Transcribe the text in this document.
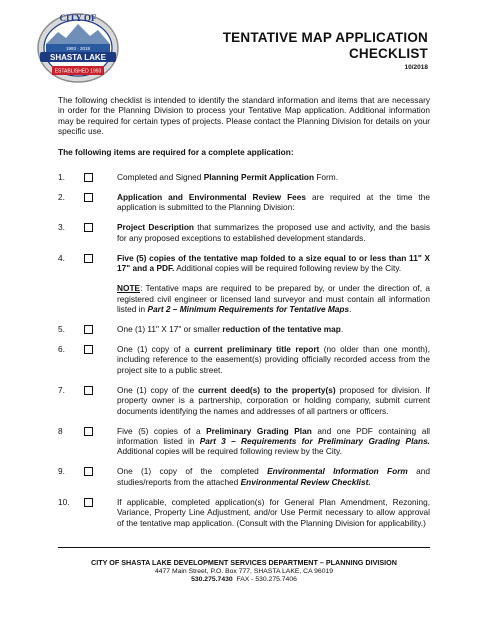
CITY OF
1993 · 2018
SHASTA LAKE
ESTABLISHED 1993
TENTATIVE MAP APPLICATION
CHECKLIST
10/2018
The following checklist is intended to identify the standard information and items that are necessary in order for the Planning Division to process your Tentative Map application. Additional information may be required for certain types of projects. Please contact the Planning Division for details on your specific use.
The following items are required for a complete application:
1.	Completed and Signed Planning Permit Application Form.
2.	Application and Environmental Review Fees are required at the time the application is submitted to the Planning Division:
3.	Project Description that summarizes the proposed use and activity, and the basis for any proposed exceptions to established development standards.
4.	Five (5) copies of the tentative map folded to a size equal to or less than 11" X 17" and a PDF. Additional copies will be required following review by the City.
NOTE: Tentative maps are required to be prepared by, or under the direction of, a registered civil engineer or licensed land surveyor and must contain all information listed in Part 2 – Minimum Requirements for Tentative Maps.
5.	One (1) 11" X 17" or smaller reduction of the tentative map.
6.	One (1) copy of a current preliminary title report (no older than one month), including reference to the easement(s) providing officially recorded access from the project site to a public street.
7.	One (1) copy of the current deed(s) to the property(s) proposed for division. If property owner is a partnership, corporation or holding company, submit current documents identifying the names and addresses of all partners or officers.
8	Five (5) copies of a Preliminary Grading Plan and one PDF containing all information listed in Part 3 – Requirements for Preliminary Grading Plans. Additional copies will be required following review by the City.
9.	One (1) copy of the completed Environmental Information Form and studies/reports from the attached Environmental Review Checklist.
10.	If applicable, completed application(s) for General Plan Amendment, Rezoning, Variance, Property Line Adjustment, and/or Use Permit necessary to allow approval of the tentative map application. (Consult with the Planning Division for applicability.)
CITY OF SHASTA LAKE DEVELOPMENT SERVICES DEPARTMENT – PLANNING DIVISION
4477 Main Street, P.O. Box 777, SHASTA LAKE, CA 96019
530.275.7430 FAX - 530.275.7406
